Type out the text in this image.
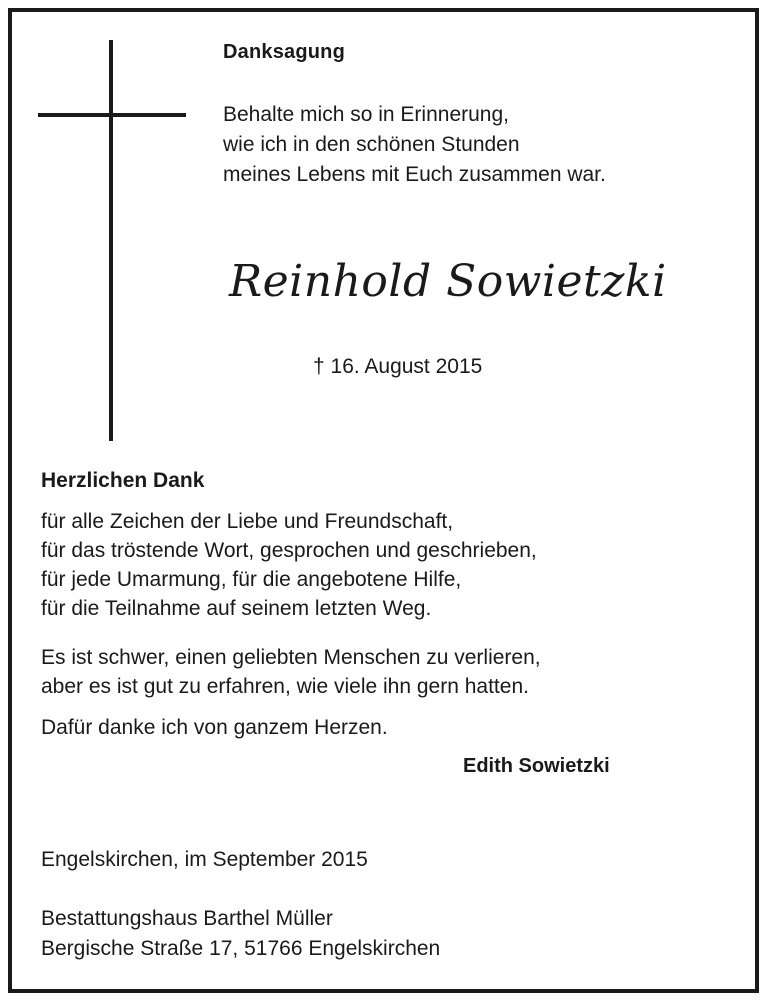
Danksagung
Behalte mich so in Erinnerung,
wie ich in den schönen Stunden
meines Lebens mit Euch zusammen war.
Reinhold Sowietzki
† 16. August 2015
Herzlichen Dank
für alle Zeichen der Liebe und Freundschaft,
für das tröstende Wort, gesprochen und geschrieben,
für jede Umarmung, für die angebotene Hilfe,
für die Teilnahme auf seinem letzten Weg.
Es ist schwer, einen geliebten Menschen zu verlieren,
aber es ist gut zu erfahren, wie viele ihn gern hatten.
Dafür danke ich von ganzem Herzen.
Edith Sowietzki
Engelskirchen, im September 2015
Bestattungshaus Barthel Müller
Bergische Straße 17, 51766 Engelskirchen
